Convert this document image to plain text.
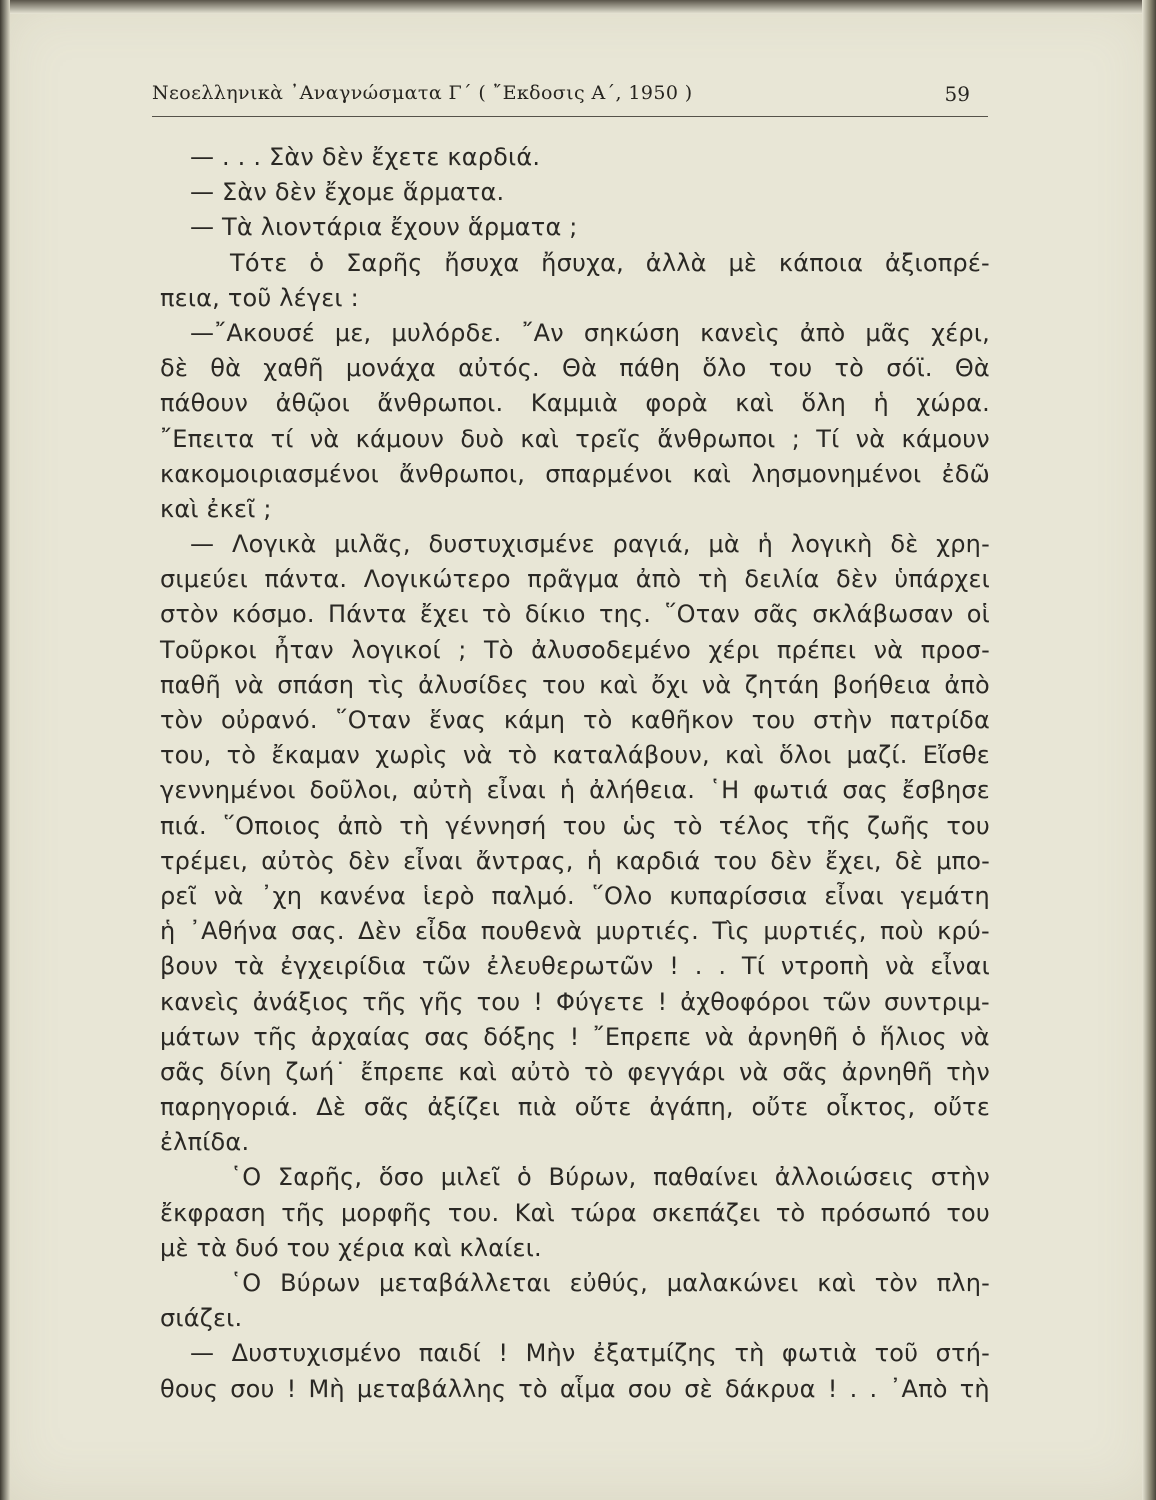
Νεοελληνικὰ ᾿Αναγνώσματα Γ΄ ( ῎Εκδοσις Α΄, 1950 )	59
— . . . Σὰν δὲν ἔχετε καρδιά.
— Σὰν δὲν ἔχομε ἅρματα.
— Τὰ λιοντάρια ἔχουν ἅρματα ;
Τότε ὁ Σαρῆς ἤσυχα ἤσυχα, ἀλλὰ μὲ κάποια ἀξιοπρέ-
πεια, τοῦ λέγει :
—῎Ακουσέ με, μυλόρδε. ῎Αν σηκώση κανεὶς ἀπὸ μᾶς χέρι,
δὲ θὰ χαθῆ μονάχα αὐτός. Θὰ πάθη ὅλο του τὸ σόϊ. Θὰ
πάθουν ἀθῷοι ἄνθρωποι. Καμμιὰ φορὰ καὶ ὅλη ἡ χώρα.
῎Επειτα τί νὰ κάμουν δυὸ καὶ τρεῖς ἄνθρωποι ; Τί νὰ κάμουν
κακομοιριασμένοι ἄνθρωποι, σπαρμένοι καὶ λησμονημένοι ἐδῶ
καὶ ἐκεῖ ;
— Λογικὰ μιλᾶς, δυστυχισμένε ραγιά, μὰ ἡ λογικὴ δὲ χρη-
σιμεύει πάντα. Λογικώτερο πρᾶγμα ἀπὸ τὴ δειλία δὲν ὑπάρχει
στὸν κόσμο. Πάντα ἔχει τὸ δίκιο της. ῞Οταν σᾶς σκλάβωσαν οἱ
Τοῦρκοι ἦταν λογικοί ; Τὸ ἀλυσοδεμένο χέρι πρέπει νὰ προσ-
παθῆ νὰ σπάση τὶς ἀλυσίδες του καὶ ὄχι νὰ ζητάη βοήθεια ἀπὸ
τὸν οὐρανό. ῞Οταν ἕνας κάμη τὸ καθῆκον του στὴν πατρίδα
του, τὸ ἔκαμαν χωρὶς νὰ τὸ καταλάβουν, καὶ ὅλοι μαζί. Εἴσθε
γεννημένοι δοῦλοι, αὐτὴ εἶναι ἡ ἀλήθεια. ῾Η φωτιά σας ἔσβησε
πιά. ῞Οποιος ἀπὸ τὴ γέννησή του ὡς τὸ τέλος τῆς ζωῆς του
τρέμει, αὐτὸς δὲν εἶναι ἄντρας, ἡ καρδιά του δὲν ἔχει, δὲ μπο-
ρεῖ νὰ ᾽χη κανένα ἱερὸ παλμό. ῞Ολο κυπαρίσσια εἶναι γεμάτη
ἡ ᾽Αθήνα σας. Δὲν εἶδα πουθενὰ μυρτιές. Τὶς μυρτιές, ποὺ κρύ-
βουν τὰ ἐγχειρίδια τῶν ἐλευθερωτῶν ! . . Τί ντροπὴ νὰ εἶναι
κανεὶς ἀνάξιος τῆς γῆς του ! Φύγετε ! ἀχθοφόροι τῶν συντριμ-
μάτων τῆς ἀρχαίας σας δόξης ! ῎Επρεπε νὰ ἀρνηθῆ ὁ ἥλιος νὰ
σᾶς δίνη ζωή˙ ἔπρεπε καὶ αὐτὸ τὸ φεγγάρι νὰ σᾶς ἀρνηθῆ τὴν
παρηγοριά. Δὲ σᾶς ἀξίζει πιὰ οὔτε ἀγάπη, οὔτε οἶκτος, οὔτε
ἐλπίδα.
῾Ο Σαρῆς, ὅσο μιλεῖ ὁ Βύρων, παθαίνει ἀλλοιώσεις στὴν
ἔκφραση τῆς μορφῆς του. Καὶ τώρα σκεπάζει τὸ πρόσωπό του
μὲ τὰ δυό του χέρια καὶ κλαίει.
῾Ο Βύρων μεταβάλλεται εὐθύς, μαλακώνει καὶ τὸν πλη-
σιάζει.
— Δυστυχισμένο παιδί ! Μὴν ἐξατμίζης τὴ φωτιὰ τοῦ στή-
θους σου ! Μὴ μεταβάλλης τὸ αἷμα σου σὲ δάκρυα ! . . ᾽Απὸ τὴ
